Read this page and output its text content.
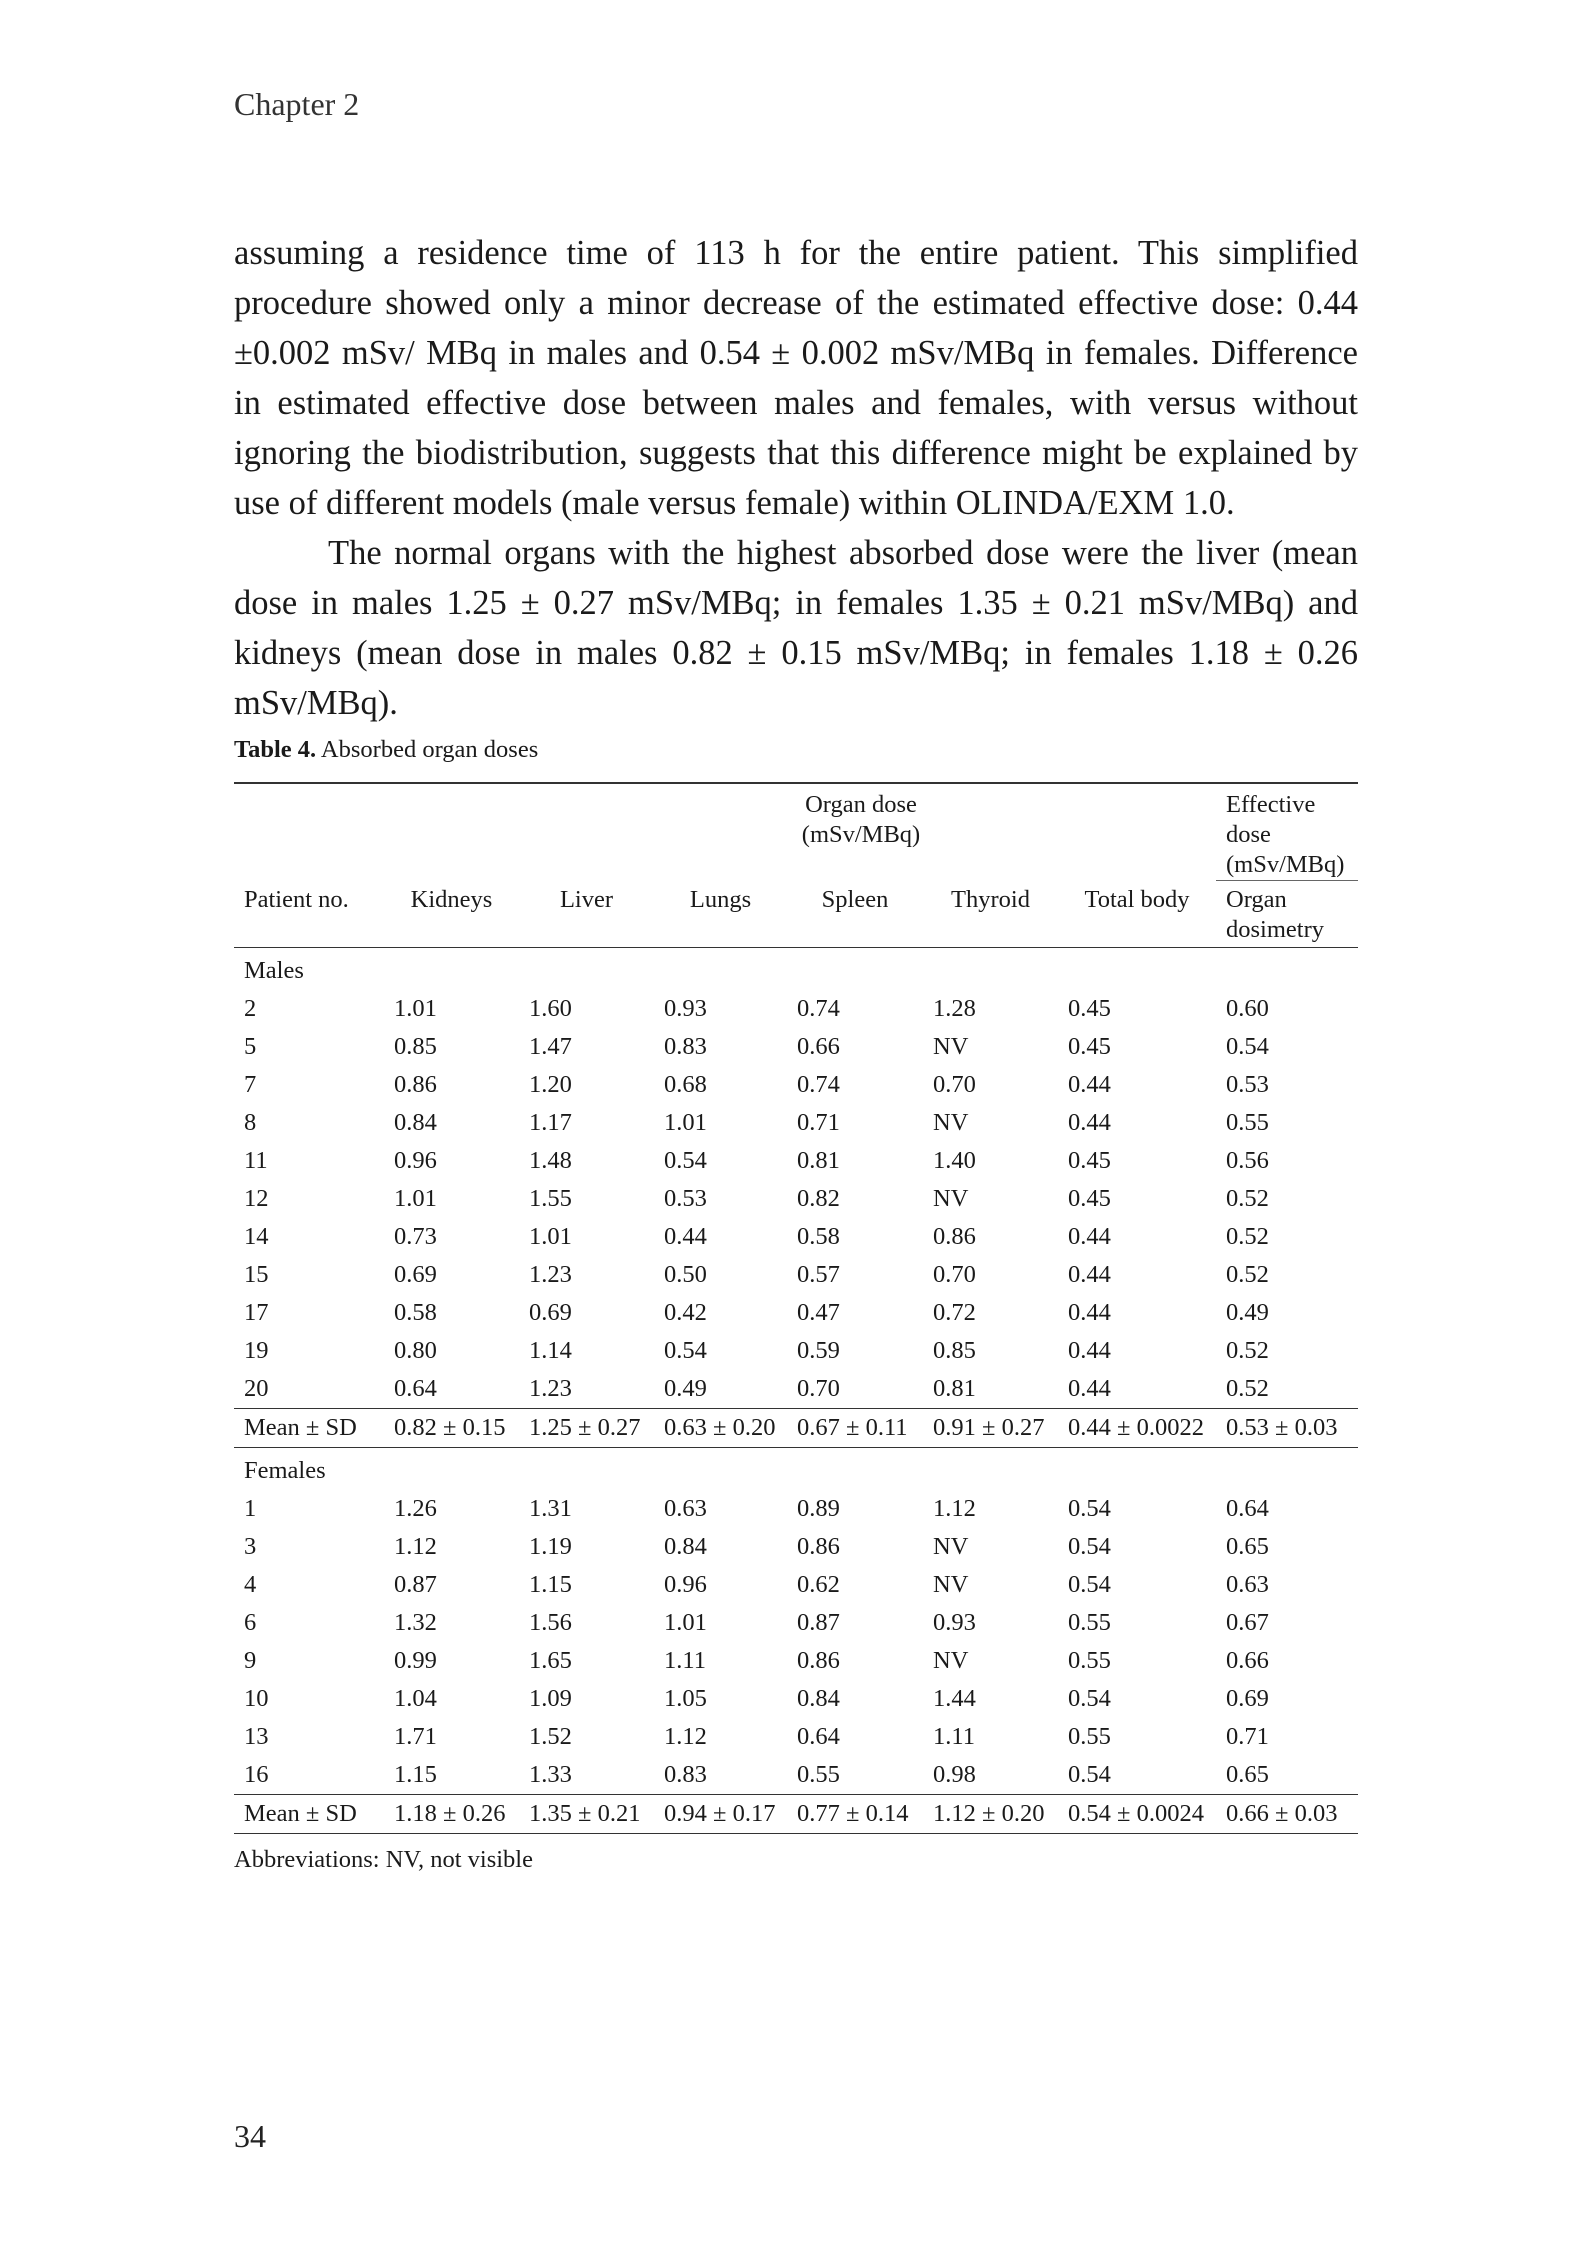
Chapter 2

assuming a residence time of 113 h for the entire patient. This simplified procedure showed only a minor decrease of the estimated effective dose: 0.44 ±0.002 mSv/ MBq in males and 0.54 ± 0.002 mSv/MBq in females. Difference in estimated effective dose between males and females, with versus without ignoring the biodistribution, suggests that this difference might be explained by use of different models (male versus female) within OLINDA/EXM 1.0.

The normal organs with the highest absorbed dose were the liver (mean dose in males 1.25 ± 0.27 mSv/MBq; in females 1.35 ± 0.21 mSv/MBq) and kidneys (mean dose in males 0.82 ± 0.15 mSv/MBq; in females 1.18 ± 0.26 mSv/MBq).

Table 4. Absorbed organ doses
			Organ dose
(mSv/MBq)				Effective
dose
(mSv/MBq)
Patient no.	Kidneys	Liver	Lungs	Spleen	Thyroid	Total body	Organ
dosimetry
Males							
2	1.01	1.60	0.93	0.74	1.28	0.45	0.60
5	0.85	1.47	0.83	0.66	NV	0.45	0.54
7	0.86	1.20	0.68	0.74	0.70	0.44	0.53
8	0.84	1.17	1.01	0.71	NV	0.44	0.55
11	0.96	1.48	0.54	0.81	1.40	0.45	0.56
12	1.01	1.55	0.53	0.82	NV	0.45	0.52
14	0.73	1.01	0.44	0.58	0.86	0.44	0.52
15	0.69	1.23	0.50	0.57	0.70	0.44	0.52
17	0.58	0.69	0.42	0.47	0.72	0.44	0.49
19	0.80	1.14	0.54	0.59	0.85	0.44	0.52
20	0.64	1.23	0.49	0.70	0.81	0.44	0.52
Mean ± SD	0.82 ± 0.15	1.25 ± 0.27	0.63 ± 0.20	0.67 ± 0.11	0.91 ± 0.27	0.44 ± 0.0022	0.53 ± 0.03
Females							
1	1.26	1.31	0.63	0.89	1.12	0.54	0.64
3	1.12	1.19	0.84	0.86	NV	0.54	0.65
4	0.87	1.15	0.96	0.62	NV	0.54	0.63
6	1.32	1.56	1.01	0.87	0.93	0.55	0.67
9	0.99	1.65	1.11	0.86	NV	0.55	0.66
10	1.04	1.09	1.05	0.84	1.44	0.54	0.69
13	1.71	1.52	1.12	0.64	1.11	0.55	0.71
16	1.15	1.33	0.83	0.55	0.98	0.54	0.65
Mean ± SD	1.18 ± 0.26	1.35 ± 0.21	0.94 ± 0.17	0.77 ± 0.14	1.12 ± 0.20	0.54 ± 0.0024	0.66 ± 0.03
Abbreviations: NV, not visible
34
